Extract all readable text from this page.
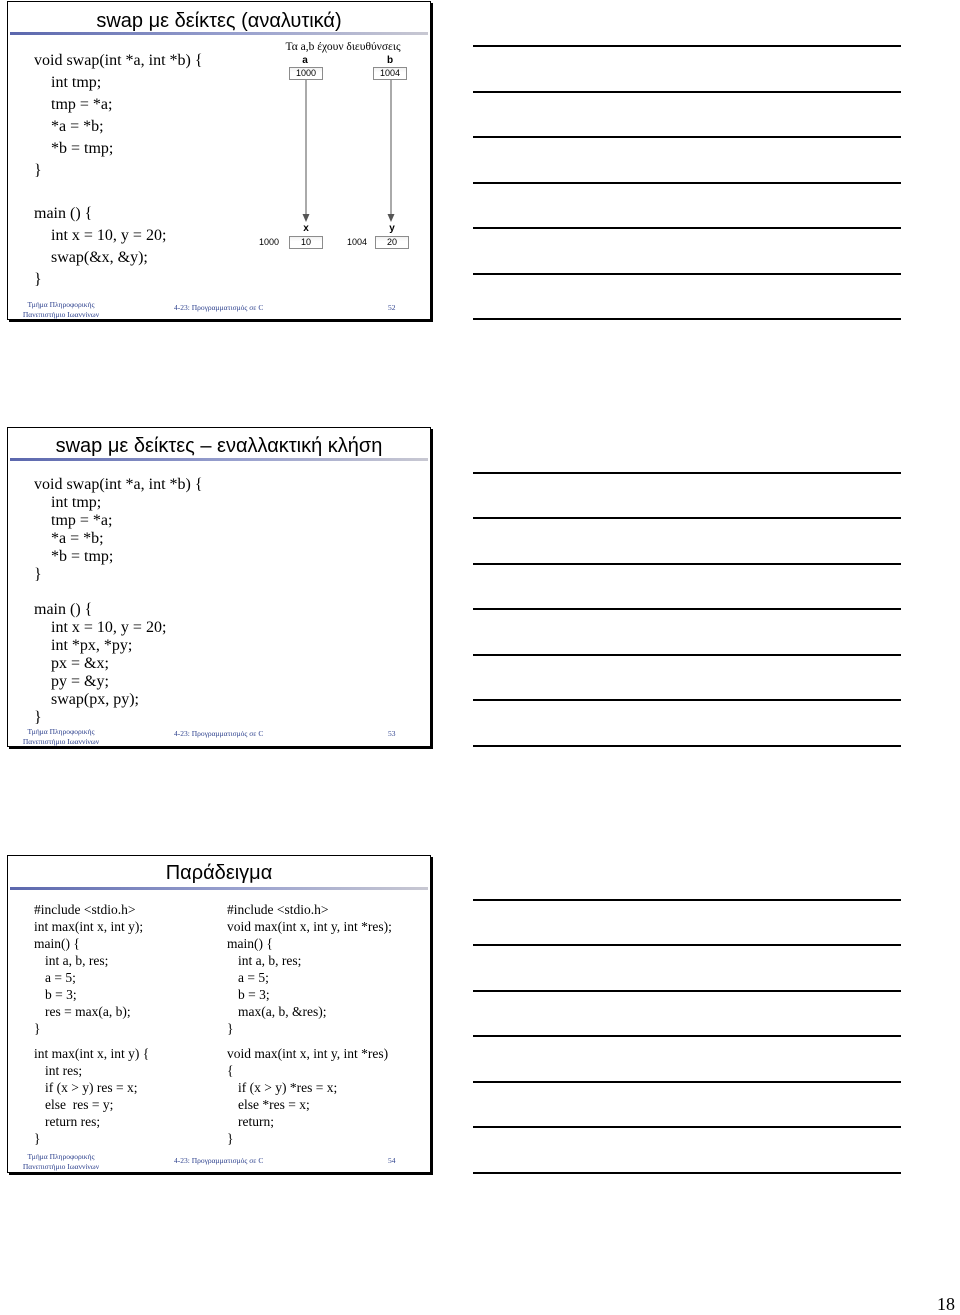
swap με δείκτες (αναλυτικά)
void swap(int *a, int *b) {
int tmp;
tmp = *a;
*a = *b;
*b = tmp;
}
main () {
int x = 10, y = 20;
swap(&x, &y);
}
Τα a,b έχουν διευθύνσεις
a	b
1000	1004
x	y
1000	10	1004	20
Τμήμα Πληροφορικής
Πανεπιστήμιο Ιωαννίνων
4-23: Προγραμματισμός σε C	52
swap με δείκτες – εναλλακτική κλήση
void swap(int *a, int *b) {
int tmp;
tmp = *a;
*a = *b;
*b = tmp;
}
main () {
int x = 10, y = 20;
int *px, *py;
px = &x;
py = &y;
swap(px, py);
}
Τμήμα Πληροφορικής
Πανεπιστήμιο Ιωαννίνων
4-23: Προγραμματισμός σε C	53
Παράδειγμα
#include <stdio.h>
int max(int x, int y);
main() {
int a, b, res;
a = 5;
b = 3;
res = max(a, b);
}
int max(int x, int y) {
int res;
if (x > y) res = x;
else  res = y;
return res;
}
#include <stdio.h>
void max(int x, int y, int *res);
main() {
int a, b, res;
a = 5;
b = 3;
max(a, b, &res);
}
void max(int x, int y, int *res)
{
if (x > y) *res = x;
else *res = x;
return;
}
Τμήμα Πληροφορικής
Πανεπιστήμιο Ιωαννίνων
4-23: Προγραμματισμός σε C	54
18
